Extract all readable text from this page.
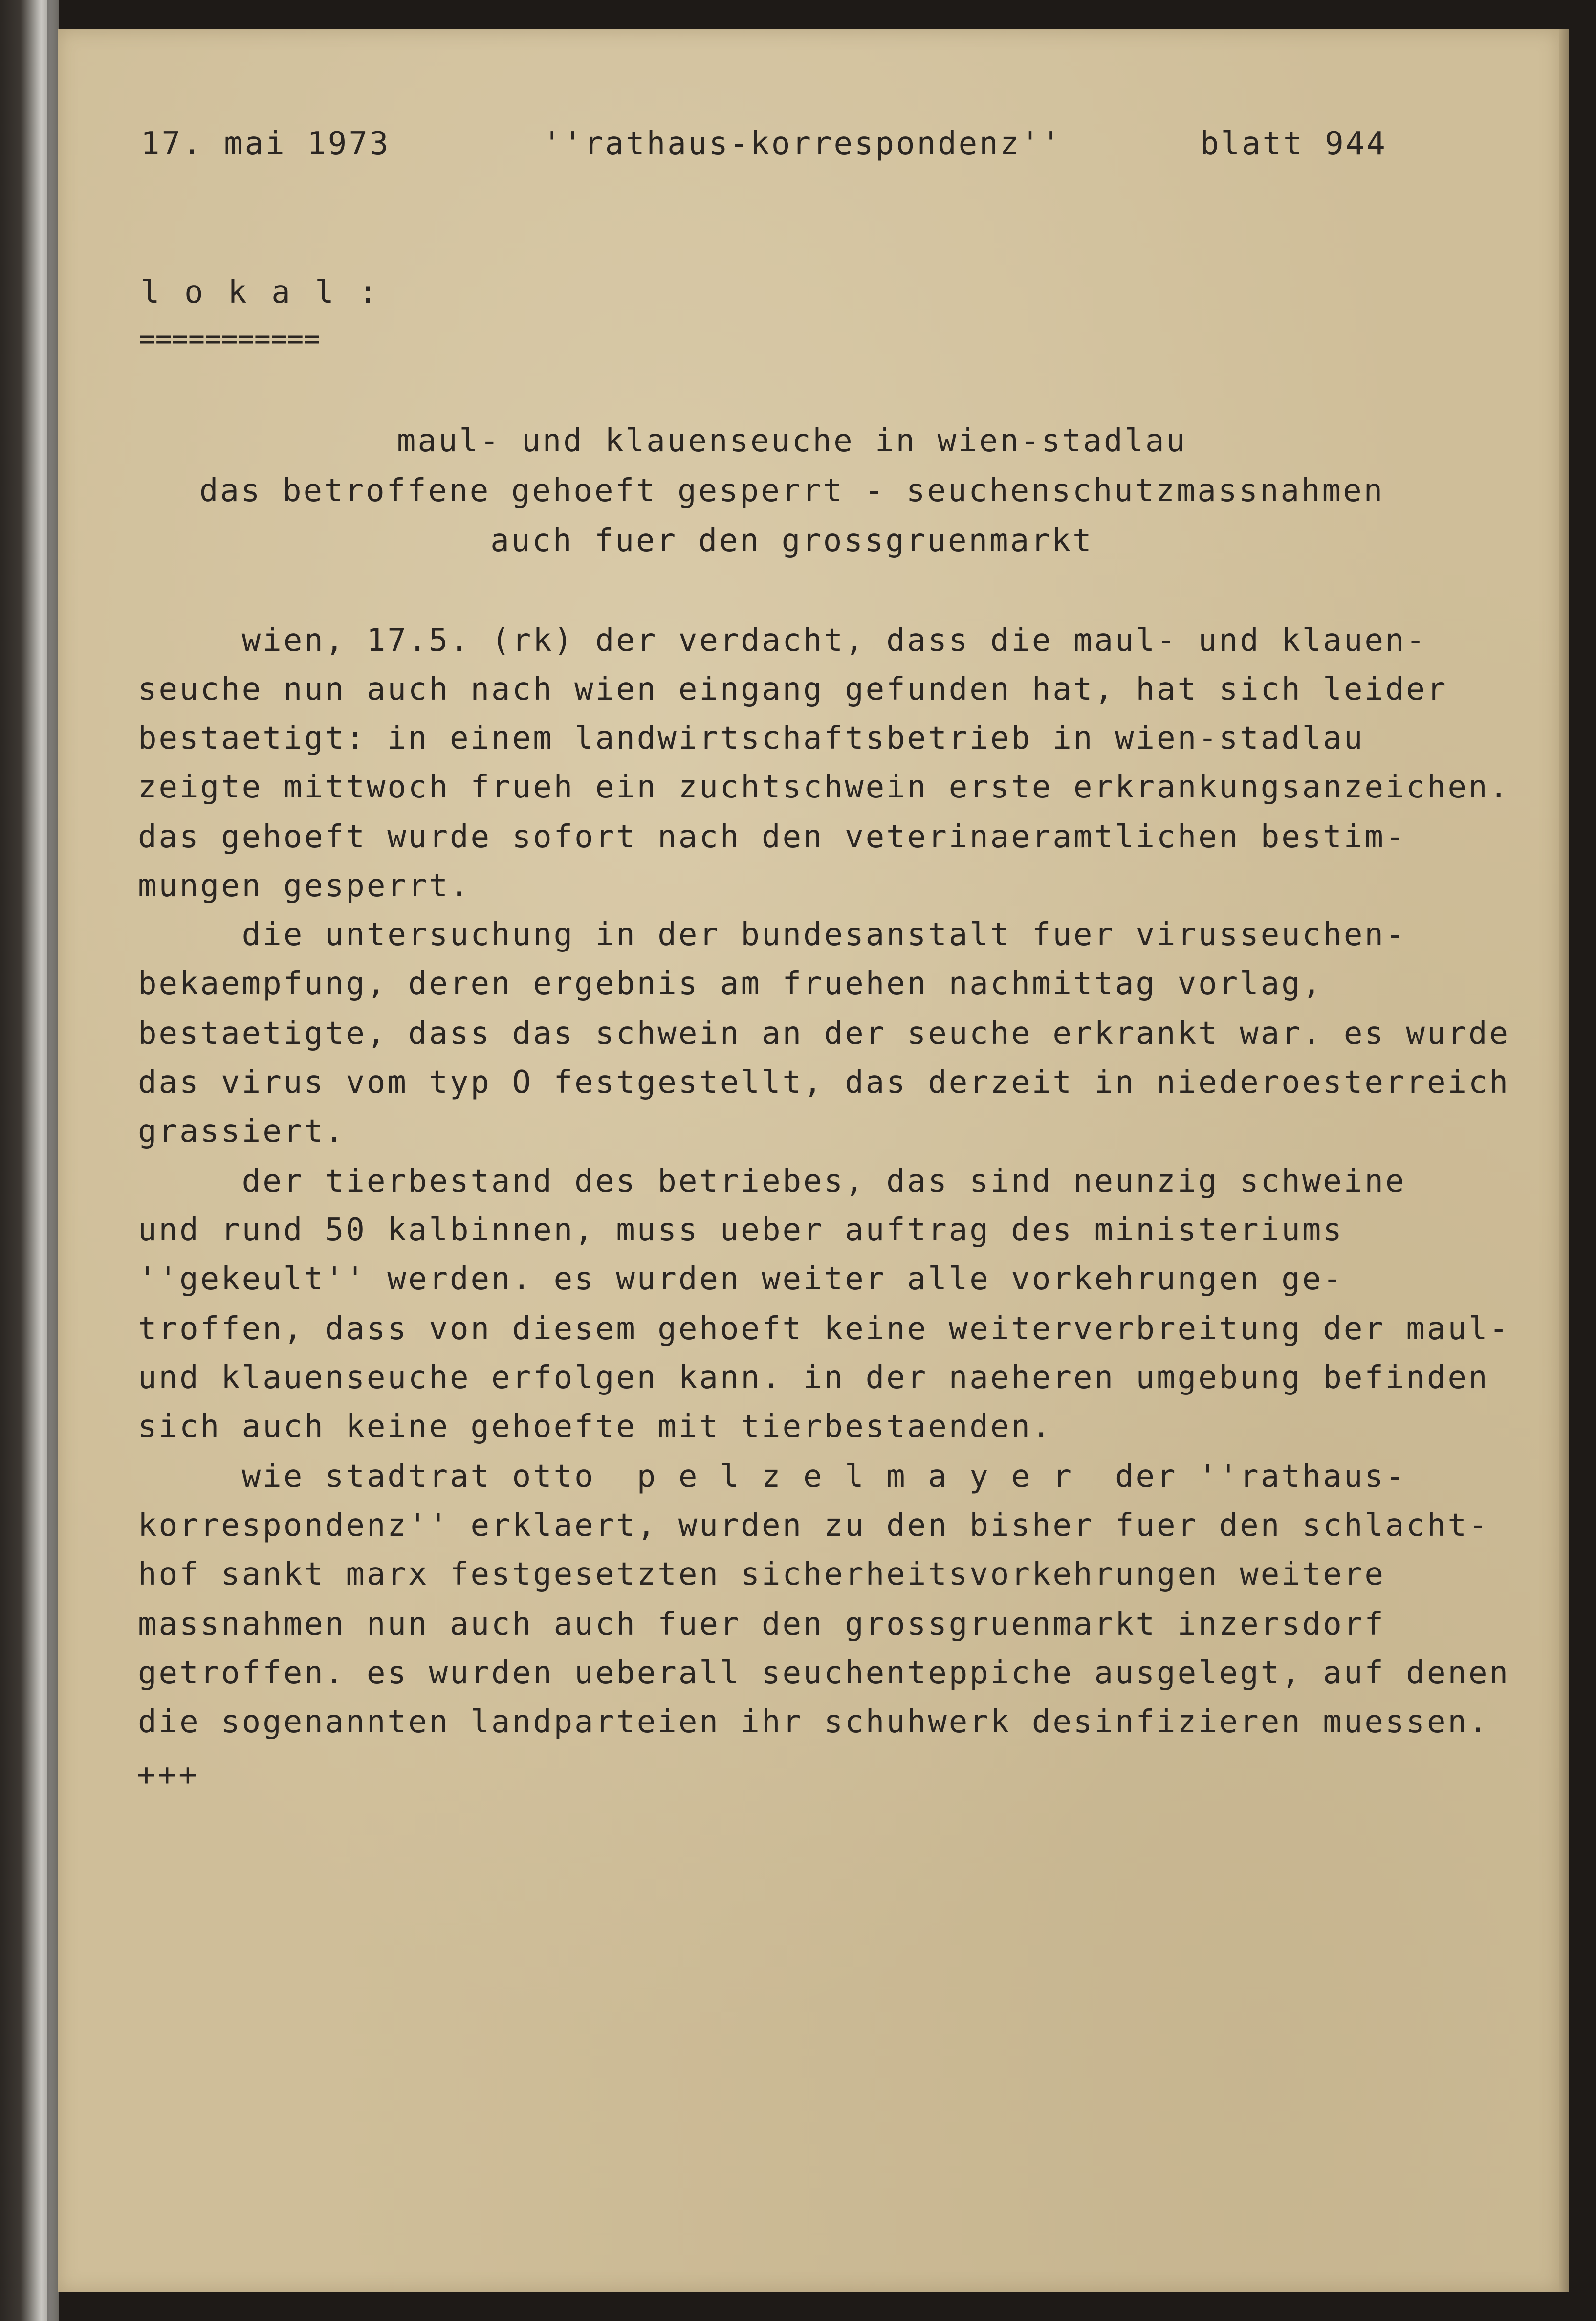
17. mai 1973	''rathaus-korrespondenz''	blatt 944
l o k a l :
===========
maul- und klauenseuche in wien-stadlau
das betroffene gehoeft gesperrt - seuchenschutzmassnahmen
auch fuer den grossgruenmarkt
wien, 17.5. (rk) der verdacht, dass die maul- und klauen-
seuche nun auch nach wien eingang gefunden hat, hat sich leider
bestaetigt: in einem landwirtschaftsbetrieb in wien-stadlau
zeigte mittwoch frueh ein zuchtschwein erste erkrankungsanzeichen.
das gehoeft wurde sofort nach den veterinaeramtlichen bestim-
mungen gesperrt.
die untersuchung in der bundesanstalt fuer virusseuchen-
bekaempfung, deren ergebnis am fruehen nachmittag vorlag,
bestaetigte, dass das schwein an der seuche erkrankt war. es wurde
das virus vom typ O festgestellt, das derzeit in niederoesterreich
grassiert.
der tierbestand des betriebes, das sind neunzig schweine
und rund 50 kalbinnen, muss ueber auftrag des ministeriums
''gekeult'' werden. es wurden weiter alle vorkehrungen ge-
troffen, dass von diesem gehoeft keine weiterverbreitung der maul-
und klauenseuche erfolgen kann. in der naeheren umgebung befinden
sich auch keine gehoefte mit tierbestaenden.
wie stadtrat otto  p e l z e l m a y e r  der ''rathaus-
korrespondenz'' erklaert, wurden zu den bisher fuer den schlacht-
hof sankt marx festgesetzten sicherheitsvorkehrungen weitere
massnahmen nun auch auch fuer den grossgruenmarkt inzersdorf
getroffen. es wurden ueberall seuchenteppiche ausgelegt, auf denen
die sogenannten landparteien ihr schuhwerk desinfizieren muessen.
+++
